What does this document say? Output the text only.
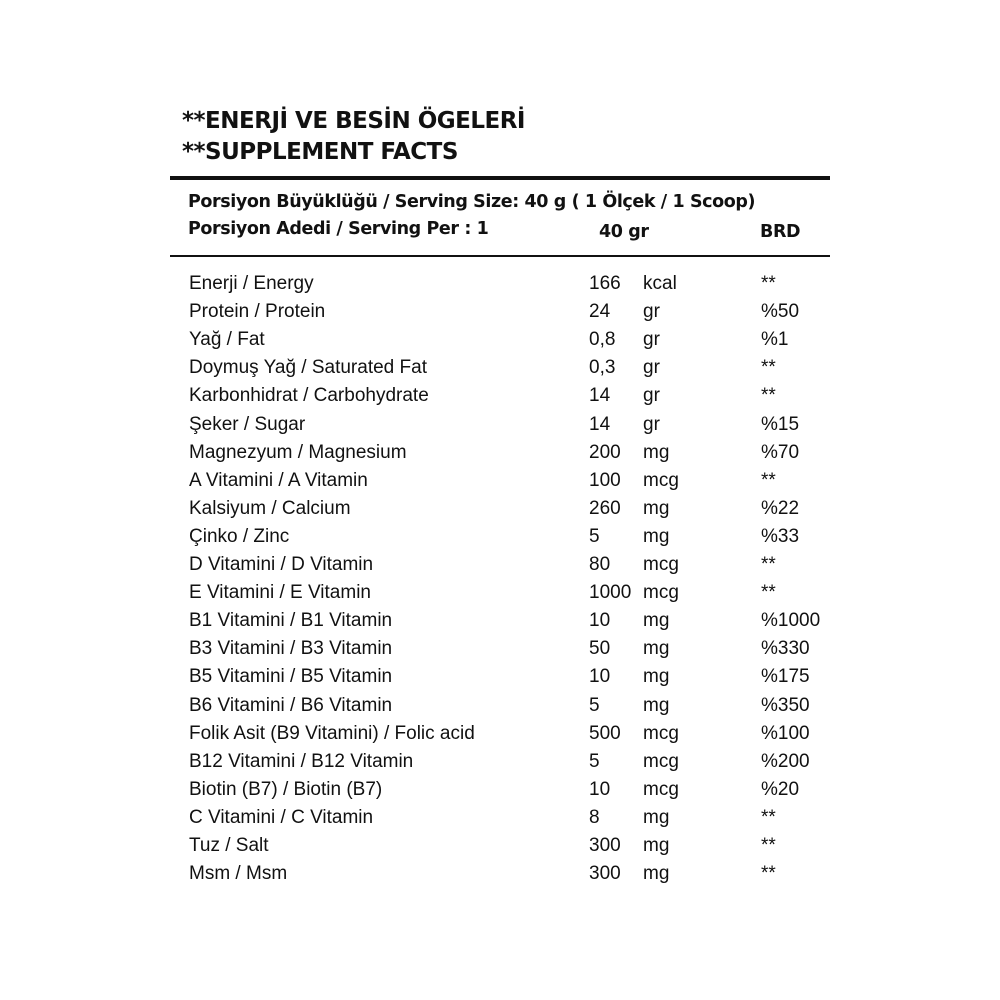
**ENERJİ VE BESİN ÖGELERİ
**SUPPLEMENT FACTS
Porsiyon Büyüklüğü / Serving Size: 40 g ( 1 Ölçek / 1 Scoop)
Porsiyon Adedi / Serving Per : 1	40 gr	BRD
Enerji / Energy	166 kcal	**
Protein / Protein	24 gr	%50
Yağ / Fat	0,8 gr	%1
Doymuş Yağ / Saturated Fat	0,3 gr	**
Karbonhidrat / Carbohydrate	14 gr	**
Şeker / Sugar	14 gr	%15
Magnezyum / Magnesium	200 mg	%70
A Vitamini / A Vitamin	100 mcg	**
Kalsiyum / Calcium	260 mg	%22
Çinko / Zinc	5 mg	%33
D Vitamini / D Vitamin	80 mcg	**
E Vitamini / E Vitamin	1000 mcg	**
B1 Vitamini / B1 Vitamin	10 mg	%1000
B3 Vitamini / B3 Vitamin	50 mg	%330
B5 Vitamini / B5 Vitamin	10 mg	%175
B6 Vitamini / B6 Vitamin	5 mg	%350
Folik Asit (B9 Vitamini) / Folic acid	500 mcg	%100
B12 Vitamini / B12 Vitamin	5 mcg	%200
Biotin (B7) / Biotin (B7)	10 mcg	%20
C Vitamini / C Vitamin	8 mg	**
Tuz / Salt	300 mg	**
Msm / Msm	300 mg	**
